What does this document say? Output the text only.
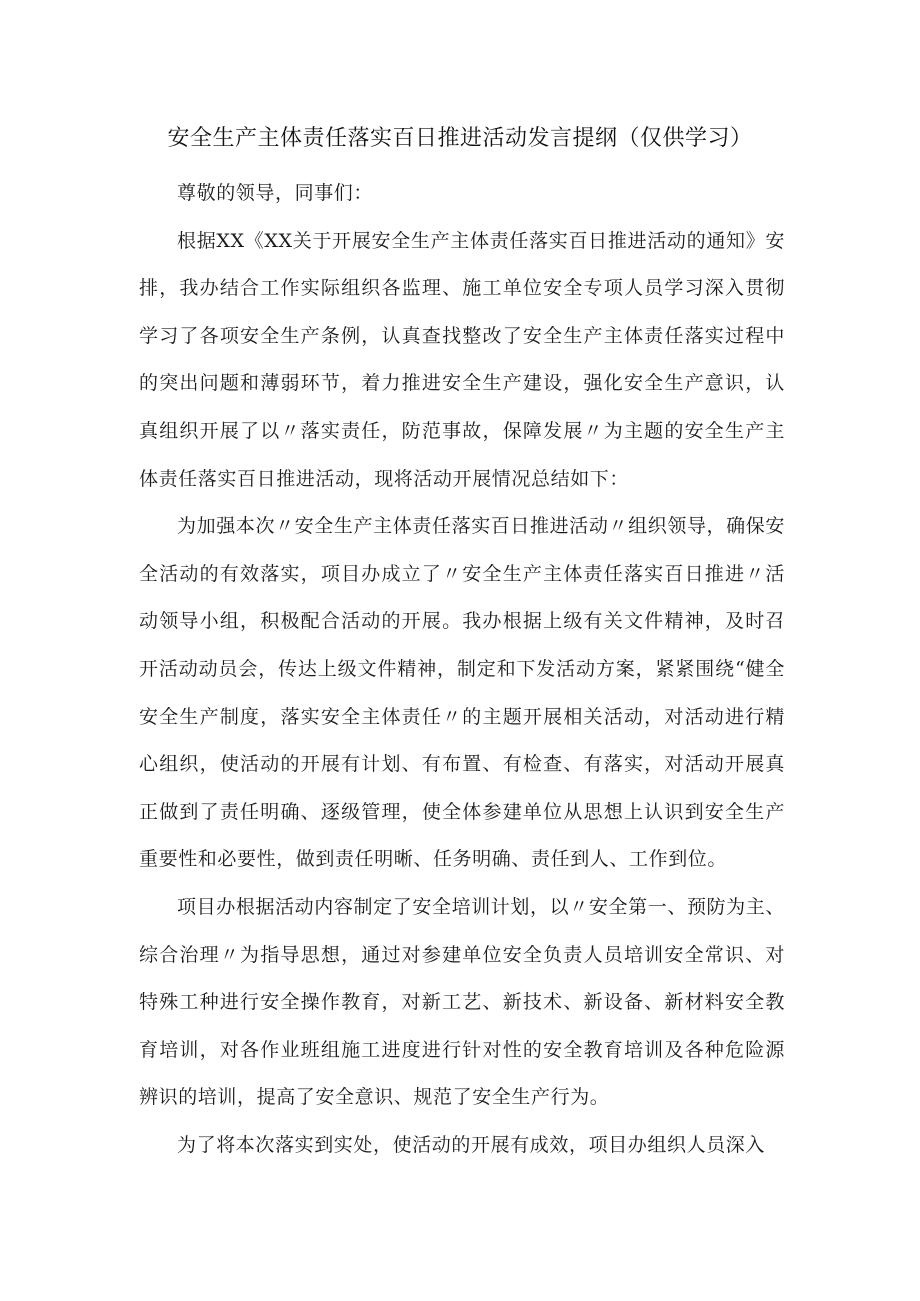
安全生产主体责任落实百日推进活动发言提纲（仅供学习）

尊敬的领导，同事们：

根据XX《XX关于开展安全生产主体责任落实百日推进活动的通知》安排，我办结合工作实际组织各监理、施工单位安全专项人员学习深入贯彻学习了各项安全生产条例，认真查找整改了安全生产主体责任落实过程中的突出问题和薄弱环节，着力推进安全生产建设，强化安全生产意识，认真组织开展了以〃落实责任，防范事故，保障发展〃为主题的安全生产主体责任落实百日推进活动，现将活动开展情况总结如下：

为加强本次〃安全生产主体责任落实百日推进活动〃组织领导，确保安全活动的有效落实，项目办成立了〃安全生产主体责任落实百日推进〃活动领导小组，积极配合活动的开展。我办根据上级有关文件精神，及时召开活动动员会，传达上级文件精神，制定和下发活动方案，紧紧围绕“健全安全生产制度，落实安全主体责任〃的主题开展相关活动，对活动进行精心组织，使活动的开展有计划、有布置、有检查、有落实，对活动开展真正做到了责任明确、逐级管理，使全体参建单位从思想上认识到安全生产重要性和必要性，做到责任明晰、任务明确、责任到人、工作到位。

项目办根据活动内容制定了安全培训计划，以〃安全第一、预防为主、综合治理〃为指导思想，通过对参建单位安全负责人员培训安全常识、对特殊工种进行安全操作教育，对新工艺、新技术、新设备、新材料安全教育培训，对各作业班组施工进度进行针对性的安全教育培训及各种危险源辨识的培训，提高了安全意识、规范了安全生产行为。

为了将本次落实到实处，使活动的开展有成效，项目办组织人员深入
